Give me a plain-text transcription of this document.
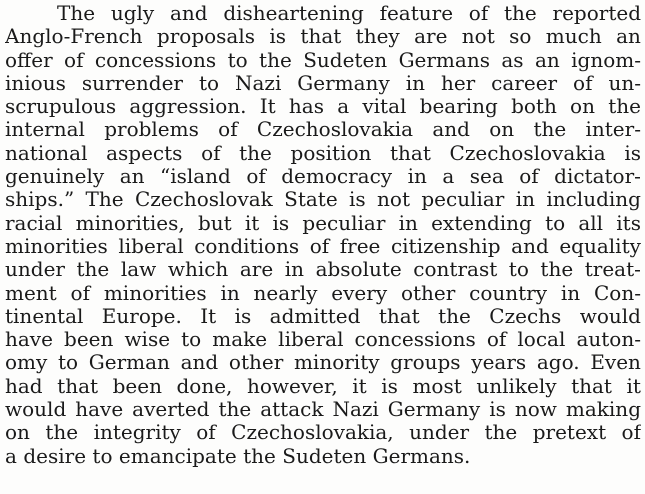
The ugly and disheartening feature of the reported
Anglo-French proposals is that they are not so much an
offer of concessions to the Sudeten Germans as an ignom-
inious surrender to Nazi Germany in her career of un-
scrupulous aggression. It has a vital bearing both on the
internal problems of Czechoslovakia and on the inter-
national aspects of the position that Czechoslovakia is
genuinely an “island of democracy in a sea of dictator-
ships.” The Czechoslovak State is not peculiar in including
racial minorities, but it is peculiar in extending to all its
minorities liberal conditions of free citizenship and equality
under the law which are in absolute contrast to the treat-
ment of minorities in nearly every other country in Con-
tinental Europe. It is admitted that the Czechs would
have been wise to make liberal concessions of local auton-
omy to German and other minority groups years ago. Even
had that been done, however, it is most unlikely that it
would have averted the attack Nazi Germany is now making
on the integrity of Czechoslovakia, under the pretext of
a desire to emancipate the Sudeten Germans.
